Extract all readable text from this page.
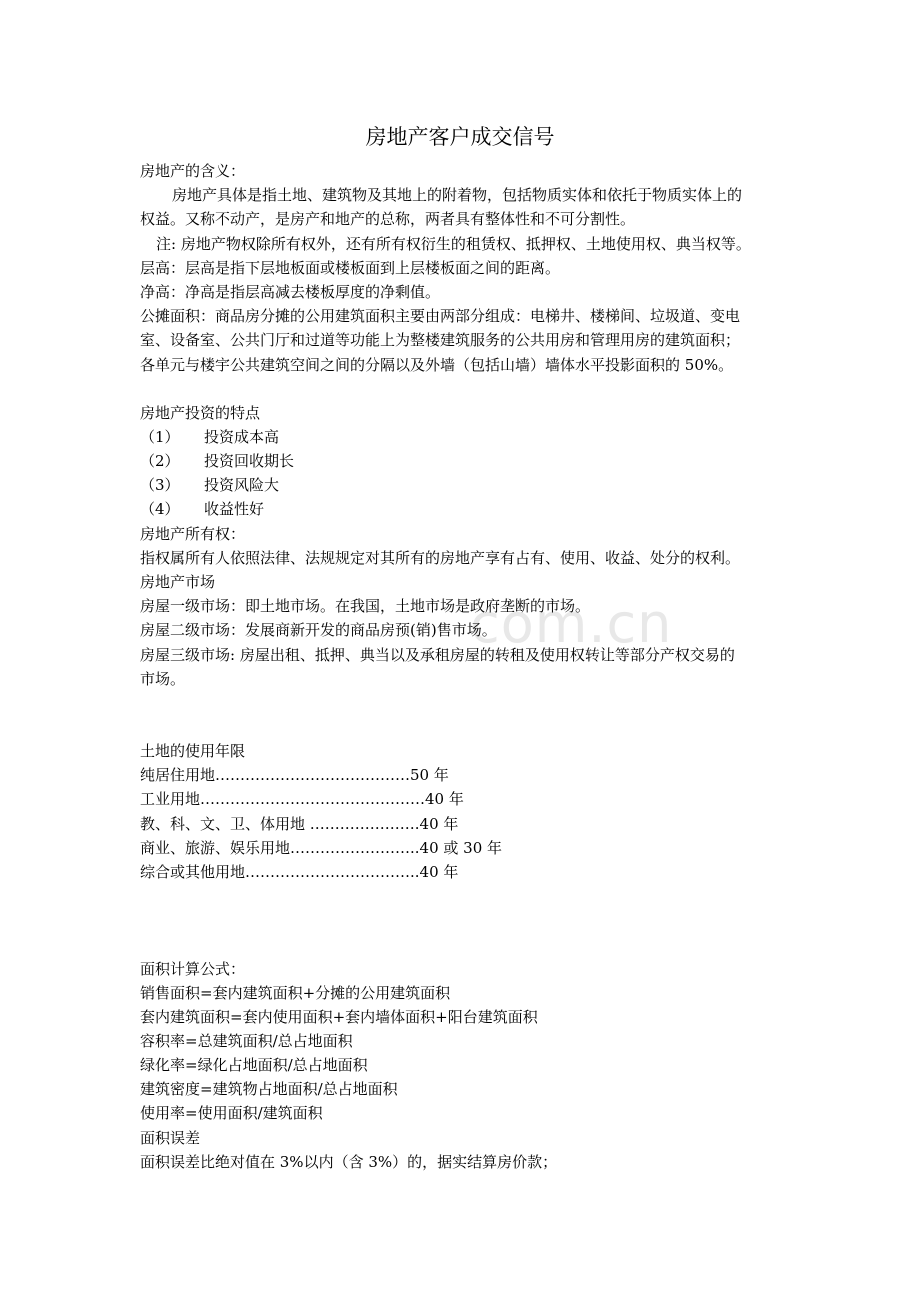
com.cn
房地产客户成交信号
房地产的含义：
房地产具体是指土地、建筑物及其地上的附着物，包括物质实体和依托于物质实体上的
权益。又称不动产，是房产和地产的总称，两者具有整体性和不可分割性。
注: 房地产物权除所有权外，还有所有权衍生的租赁权、抵押权、土地使用权、典当权等。
层高：层高是指下层地板面或楼板面到上层楼板面之间的距离。
净高：净高是指层高减去楼板厚度的净剩值。
公摊面积：商品房分摊的公用建筑面积主要由两部分组成：电梯井、楼梯间、垃圾道、变电
室、设备室、公共门厅和过道等功能上为整楼建筑服务的公共用房和管理用房的建筑面积；
各单元与楼宇公共建筑空间之间的分隔以及外墙（包括山墙）墙体水平投影面积的 50%。
房地产投资的特点
（1） 投资成本高
（2） 投资回收期长
（3） 投资风险大
（4） 收益性好
房地产所有权：
指权属所有人依照法律、法规规定对其所有的房地产享有占有、使用、收益、处分的权利。
房地产市场
房屋一级市场：即土地市场。在我国，土地市场是政府垄断的市场。
房屋二级市场：发展商新开发的商品房预(销)售市场。
房屋三级市场: 房屋出租、抵押、典当以及承租房屋的转租及使用权转让等部分产权交易的
市场。
土地的使用年限
纯居住用地…………………………………50 年
工业用地………………………………………40 年
教、科、文、卫、体用地 ………………….40 年
商业、旅游、娱乐用地……………………..40 或 30 年
综合或其他用地……………………………..40 年
面积计算公式：
销售面积=套内建筑面积+分摊的公用建筑面积
套内建筑面积=套内使用面积+套内墙体面积+阳台建筑面积
容积率=总建筑面积/总占地面积
绿化率=绿化占地面积/总占地面积
建筑密度=建筑物占地面积/总占地面积
使用率=使用面积/建筑面积
面积误差
面积误差比绝对值在 3%以内（含 3%）的，据实结算房价款；
